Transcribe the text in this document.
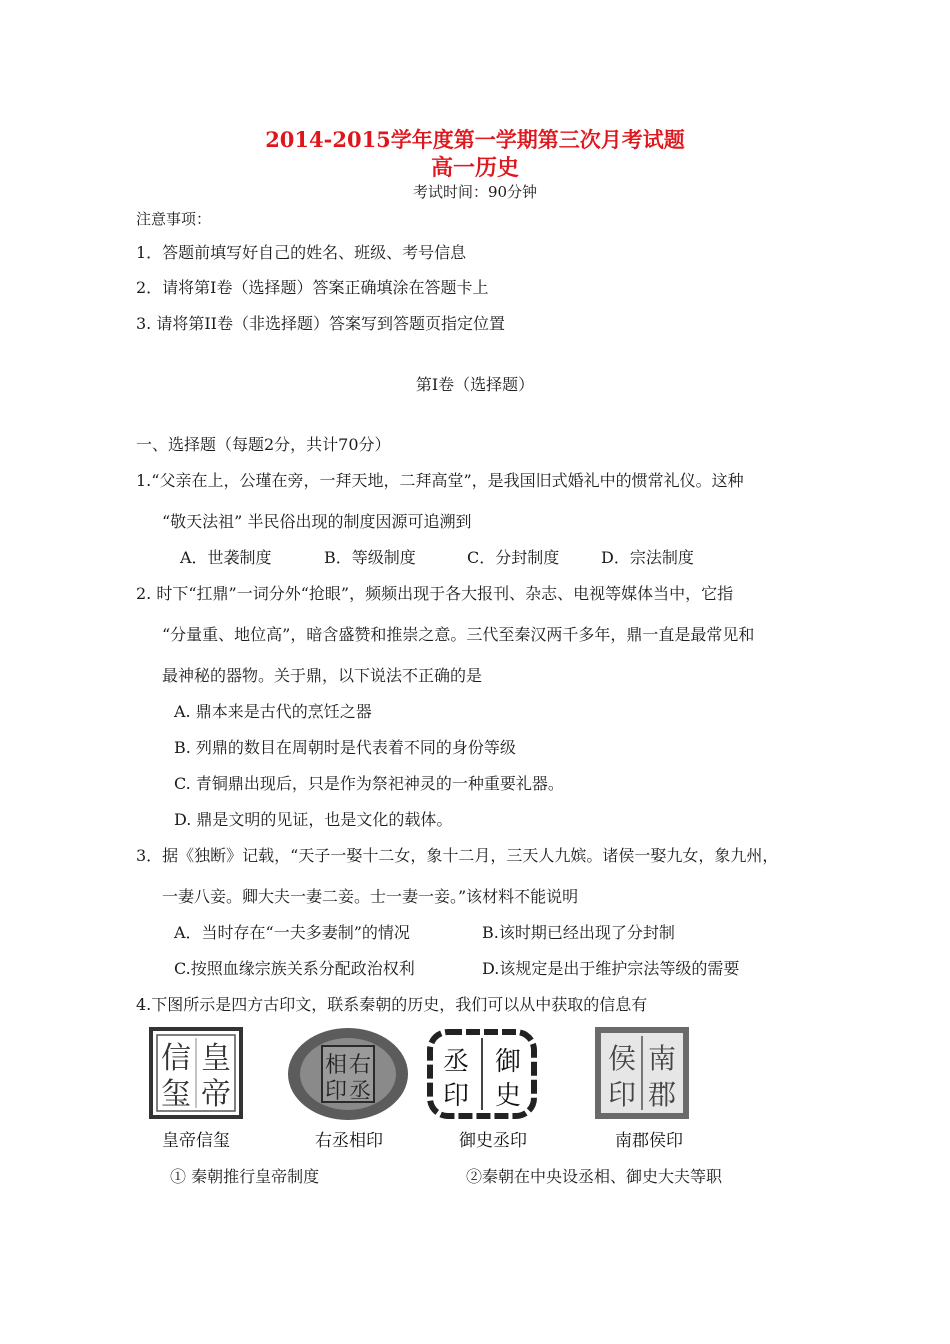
2014-2015学年度第一学期第三次月考试题
高一历史
考试时间：90分钟
注意事项：
1．答题前填写好自己的姓名、班级、考号信息
2．请将第I卷（选择题）答案正确填涂在答题卡上
3. 请将第II卷（非选择题）答案写到答题页指定位置
第I卷（选择题）
一、选择题（每题2分，共计70分）
1.“父亲在上，公瑾在旁，一拜天地，二拜高堂”，是我国旧式婚礼中的惯常礼仪。这种
“敬天法祖” 半民俗出现的制度因源可追溯到
A．世袭制度	B．等级制度	C．分封制度	D．宗法制度
2. 时下“扛鼎”一词分外“抢眼”，频频出现于各大报刊、杂志、电视等媒体当中，它指
“分量重、地位高”，暗含盛赞和推崇之意。三代至秦汉两千多年，鼎一直是最常见和
最神秘的器物。关于鼎，以下说法不正确的是
A. 鼎本来是古代的烹饪之器
B. 列鼎的数目在周朝时是代表着不同的身份等级
C. 青铜鼎出现后，只是作为祭祀神灵的一种重要礼器。
D. 鼎是文明的见证，也是文化的载体。
3．据《独断》记载，“天子一娶十二女，象十二月，三天人九嫔。诸侯一娶九女，象九州，
一妻八妾。卿大夫一妻二妾。士一妻一妾。”该材料不能说明
A．当时存在“一夫多妻制”的情况	B.该时期已经出现了分封制
C.按照血缘宗族关系分配政治权利	D.该规定是出于维护宗法等级的需要
4.下图所示是四方古印文，联系秦朝的历史，我们可以从中获取的信息有
皇
帝
信
玺
右
丞
相
印
御
史
丞
印
南
郡
侯
印
皇帝信玺	右丞相印	御史丞印	南郡侯印
① 秦朝推行皇帝制度	②秦朝在中央设丞相、御史大夫等职
